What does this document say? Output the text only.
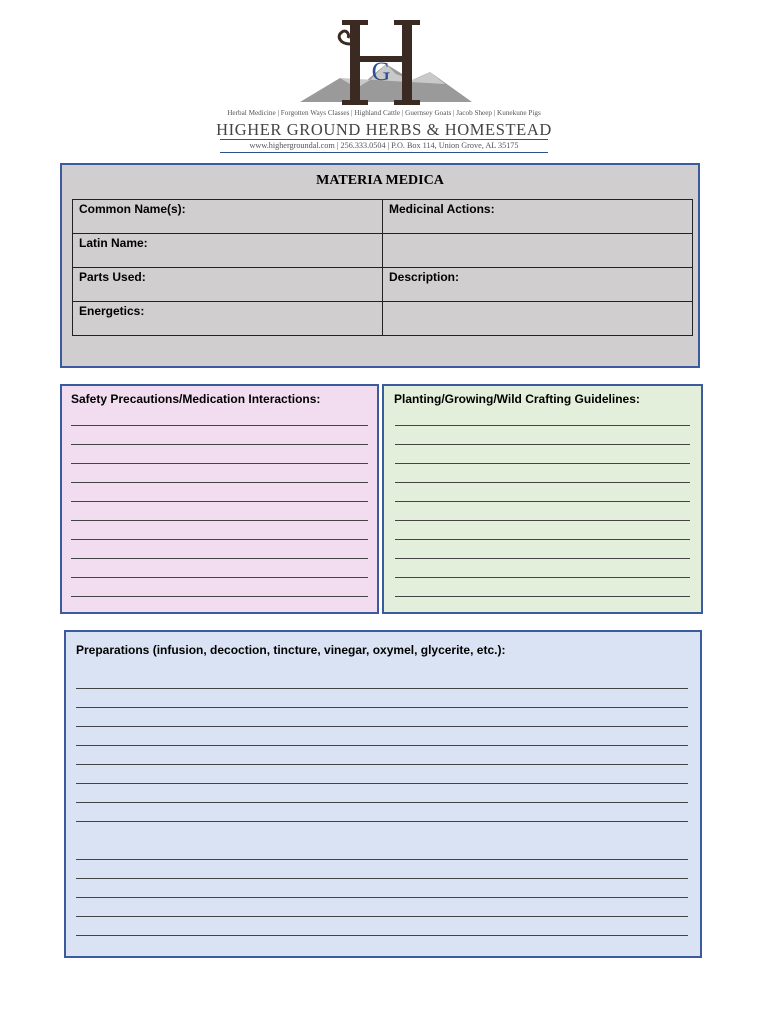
G
Herbal Medicine | Forgotten Ways Classes | Highland Cattle | Guernsey Goats | Jacob Sheep | Kunekune Pigs
HIGHER GROUND HERBS & HOMESTEAD
www.highergroundal.com | 256.333.0504 | P.O. Box 114, Union Grove, AL 35175
MATERIA MEDICA
Common Name(s):	Medicinal Actions:

Latin Name:	

Parts Used:	Description:

Energetics:	

Safety Precautions/Medication Interactions:	Planting/Growing/Wild Crafting Guidelines:
Preparations (infusion, decoction, tincture, vinegar, oxymel, glycerite, etc.):
